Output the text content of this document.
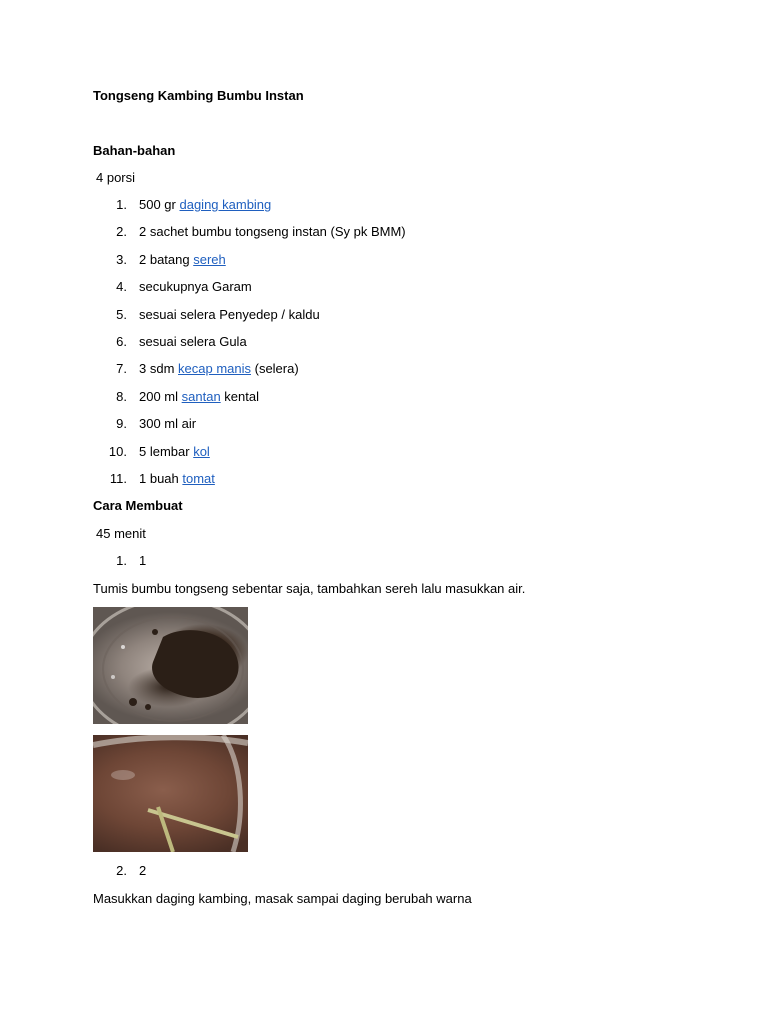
Tongseng Kambing Bumbu Instan
Bahan-bahan
4 porsi
1. 500 gr daging kambing
2. 2 sachet bumbu tongseng instan (Sy pk BMM)
3. 2 batang sereh
4. secukupnya Garam
5. sesuai selera Penyedep / kaldu
6. sesuai selera Gula
7. 3 sdm kecap manis (selera)
8. 200 ml santan kental
9. 300 ml air
10. 5 lembar kol
11. 1 buah tomat
Cara Membuat
45 menit
1. 1
Tumis bumbu tongseng sebentar saja, tambahkan sereh lalu masukkan air.
2. 2
Masukkan daging kambing, masak sampai daging berubah warna
